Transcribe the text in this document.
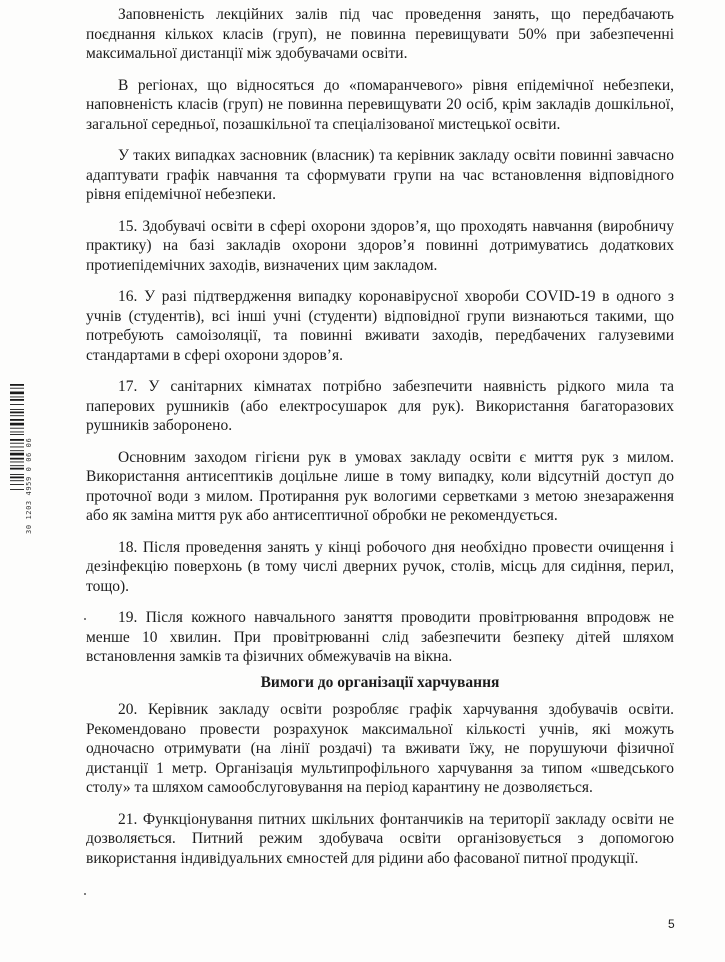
30 1203 4959 0 06 06

Заповненість лекційних залів під час проведення занять, що передбачають поєднання кількох класів (груп), не повинна перевищувати 50% при забезпеченні максимальної дистанції між здобувачами освіти.

В регіонах, що відносяться до «помаранчевого» рівня епідемічної небезпеки, наповненість класів (груп) не повинна перевищувати 20 осіб, крім закладів дошкільної, загальної середньої, позашкільної та спеціалізованої мистецької освіти.

У таких випадках засновник (власник) та керівник закладу освіти повинні завчасно адаптувати графік навчання та сформувати групи на час встановлення відповідного рівня епідемічної небезпеки.

15. Здобувачі освіти в сфері охорони здоров’я, що проходять навчання (виробничу практику) на базі закладів охорони здоров’я повинні дотримуватись додаткових протиепідемічних заходів, визначених цим закладом.

16. У разі підтвердження випадку коронавірусної хвороби COVID-19 в одного з учнів (студентів), всі інші учні (студенти) відповідної групи визнаються такими, що потребують самоізоляції, та повинні вживати заходів, передбачених галузевими стандартами в сфері охорони здоров’я.

17. У санітарних кімнатах потрібно забезпечити наявність рідкого мила та паперових рушників (або електросушарок для рук). Використання багаторазових рушників заборонено.

Основним заходом гігієни рук в умовах закладу освіти є миття рук з милом. Використання антисептиків доцільне лише в тому випадку, коли відсутній доступ до проточної води з милом. Протирання рук вологими серветками з метою знезараження або як заміна миття рук або антисептичної обробки не рекомендується.

18. Після проведення занять у кінці робочого дня необхідно провести очищення і дезінфекцію поверхонь (в тому числі дверних ручок, столів, місць для сидіння, перил, тощо).

19. Після кожного навчального заняття проводити провітрювання впродовж не менше 10 хвилин. При провітрюванні слід забезпечити безпеку дітей шляхом встановлення замків та фізичних обмежувачів на вікна.

Вимоги до організації харчування

20. Керівник закладу освіти розробляє графік харчування здобувачів освіти. Рекомендовано провести розрахунок максимальної кількості учнів, які можуть одночасно отримувати (на лінії роздачі) та вживати їжу, не порушуючи фізичної дистанції 1 метр. Організація мультипрофільного харчування за типом «шведського столу» та шляхом самообслуговування на період карантину не дозволяється.

21. Функціонування питних шкільних фонтанчиків на території закладу освіти не дозволяється. Питний режим здобувача освіти організовується з допомогою використання індивідуальних ємностей для рідини або фасованої питної продукції.

5
